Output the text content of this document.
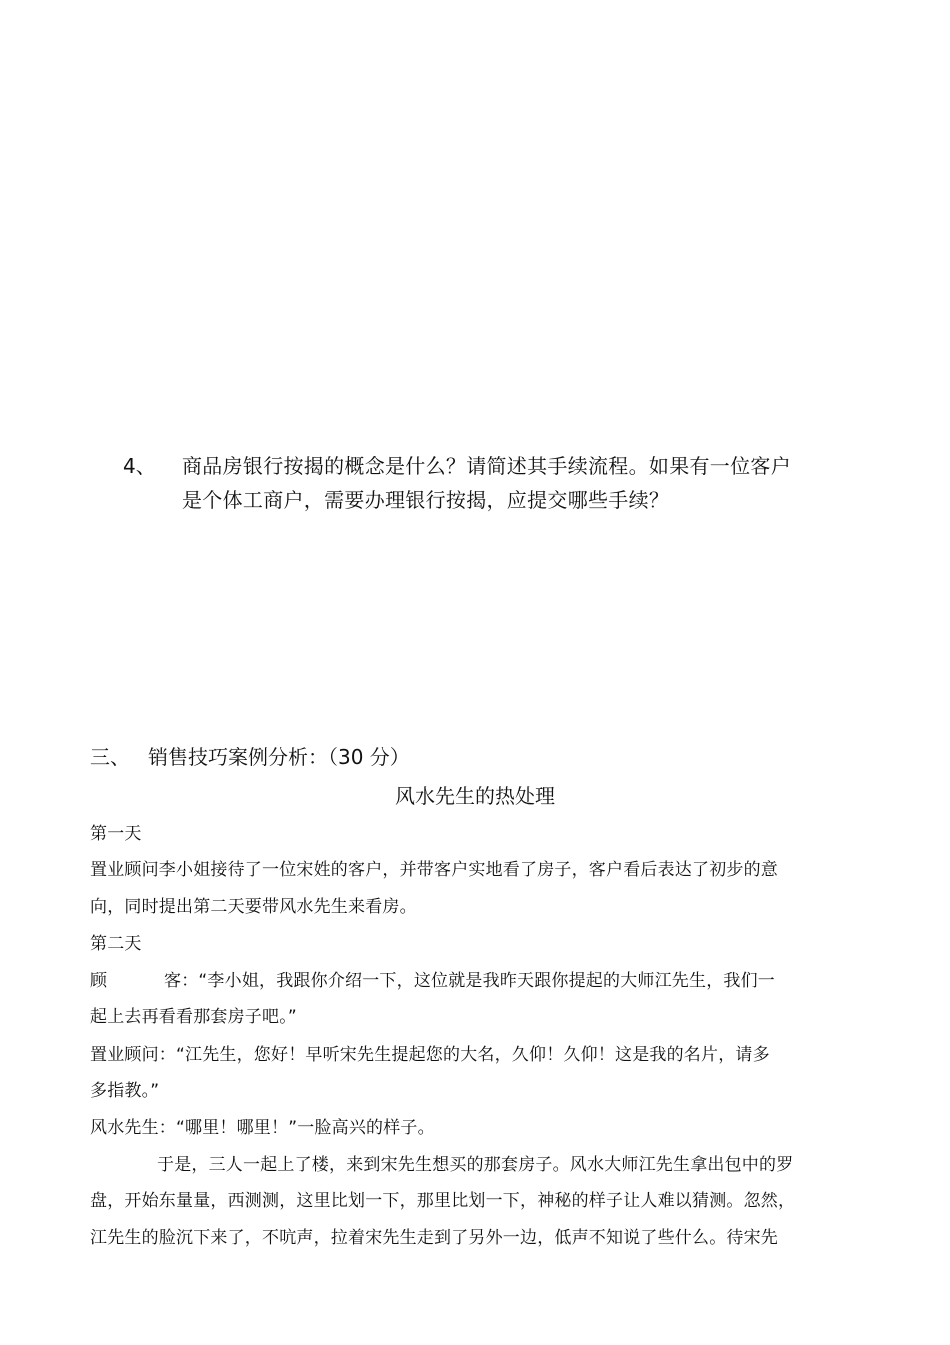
4、 商品房银行按揭的概念是什么？请简述其手续流程。如果有一位客户
是个体工商户，需要办理银行按揭，应提交哪些手续？
三、 销售技巧案例分析：（30 分）
风水先生的热处理
第一天
置业顾问李小姐接待了一位宋姓的客户，并带客户实地看了房子，客户看后表达了初步的意
向，同时提出第二天要带风水先生来看房。
第二天
顾	客：“李小姐，我跟你介绍一下，这位就是我昨天跟你提起的大师江先生，我们一
起上去再看看那套房子吧。”
置业顾问：“江先生，您好！早听宋先生提起您的大名，久仰！久仰！这是我的名片，请多
多指教。”
风水先生：“哪里！哪里！”一脸高兴的样子。
于是，三人一起上了楼，来到宋先生想买的那套房子。风水大师江先生拿出包中的罗
盘，开始东量量，西测测，这里比划一下，那里比划一下，神秘的样子让人难以猜测。忽然，
江先生的脸沉下来了，不吭声，拉着宋先生走到了另外一边，低声不知说了些什么。待宋先
